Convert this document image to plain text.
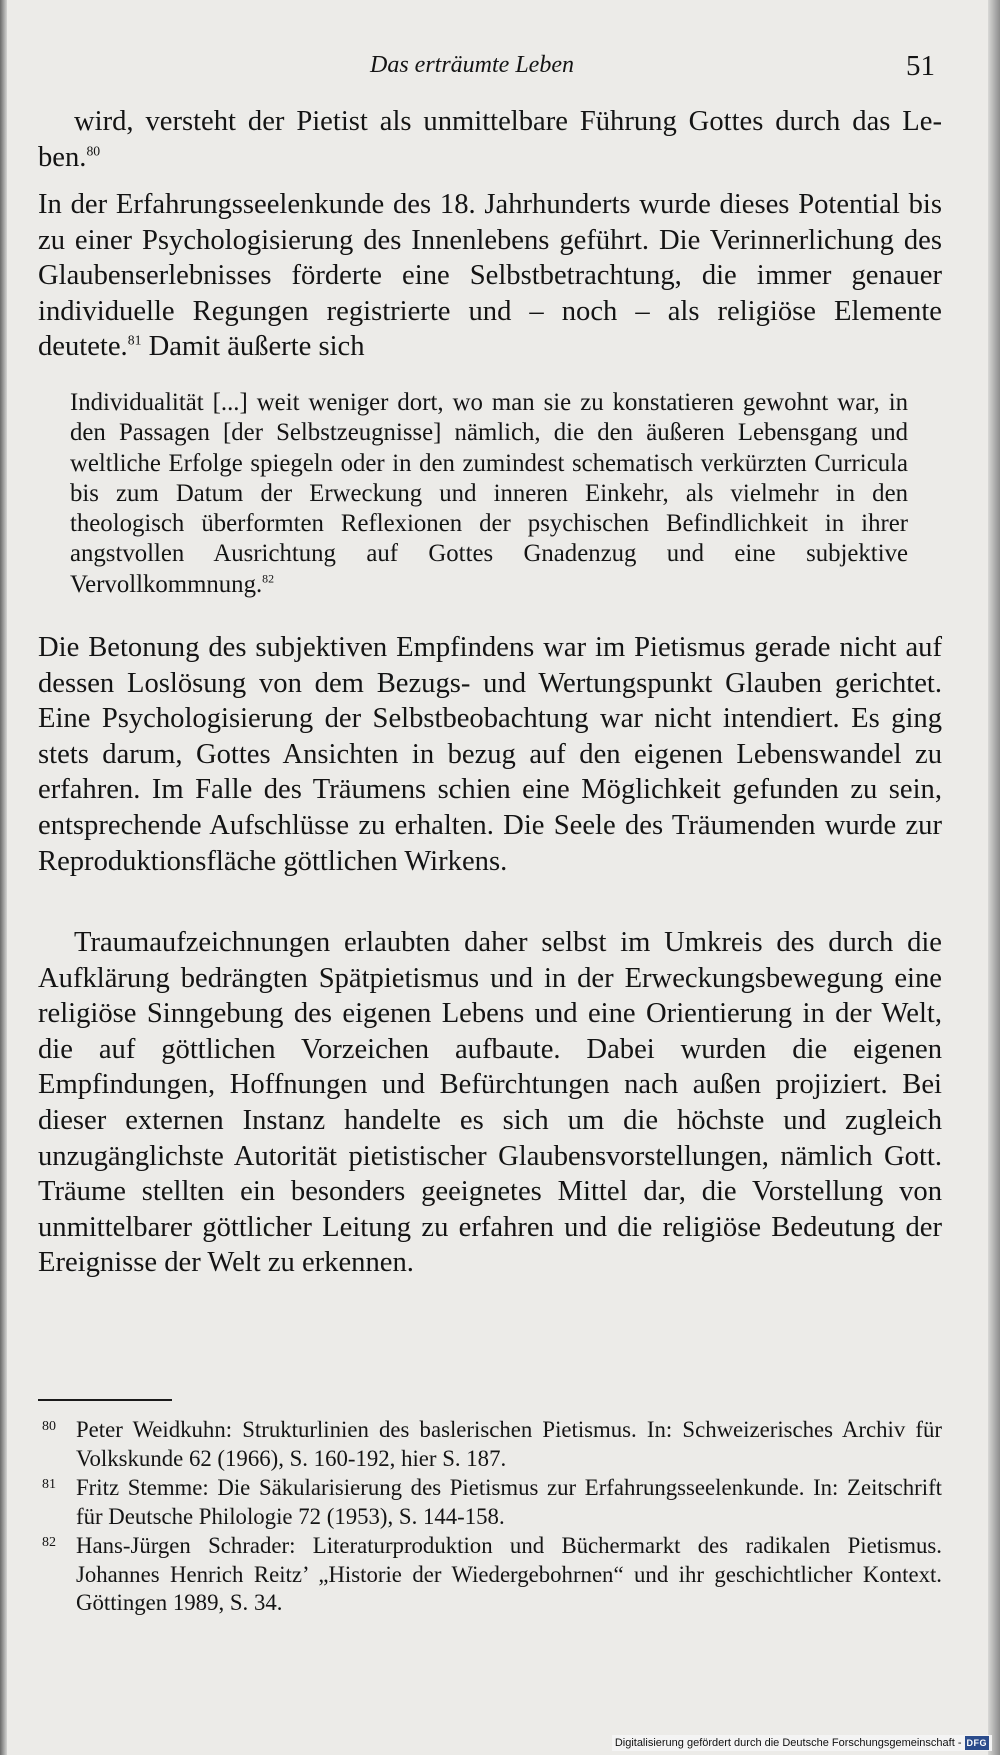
Das erträumte Leben	51

wird, versteht der Pietist als unmittelbare Führung Gottes durch das Leben.$^{80}$

In der Erfahrungsseelenkunde des 18. Jahrhunderts wurde dieses Potential bis zu einer Psychologisierung des Innenlebens geführt. Die Verinnerlichung des Glaubenserlebnisses förderte eine Selbstbetrachtung, die immer genauer individuelle Regungen registrierte und – noch – als religiöse Elemente deutete.$^{81}$ Damit äußerte sich

Individualität [...] weit weniger dort, wo man sie zu konstatieren gewohnt war, in den Passagen [der Selbstzeugnisse] nämlich, die den äußeren Lebensgang und weltliche Erfolge spiegeln oder in den zumindest schematisch verkürzten Curricula bis zum Datum der Erweckung und inneren Einkehr, als vielmehr in den theologisch überformten Reflexionen der psychischen Befindlichkeit in ihrer angstvollen Ausrichtung auf Gottes Gnadenzug und eine subjektive Vervollkommnung.$^{82}$

Die Betonung des subjektiven Empfindens war im Pietismus gerade nicht auf dessen Loslösung von dem Bezugs- und Wertungspunkt Glauben gerichtet. Eine Psychologisierung der Selbstbeobachtung war nicht intendiert. Es ging stets darum, Gottes Ansichten in bezug auf den eigenen Lebenswandel zu erfahren. Im Falle des Träumens schien eine Möglichkeit gefunden zu sein, entsprechende Aufschlüsse zu erhalten. Die Seele des Träumenden wurde zur Reproduktionsfläche göttlichen Wirkens.

Traumaufzeichnungen erlaubten daher selbst im Umkreis des durch die Aufklärung bedrängten Spätpietismus und in der Erweckungsbewegung eine religiöse Sinngebung des eigenen Lebens und eine Orientierung in der Welt, die auf göttlichen Vorzeichen aufbaute. Dabei wurden die eigenen Empfindungen, Hoffnungen und Befürchtungen nach außen projiziert. Bei dieser externen Instanz handelte es sich um die höchste und zugleich unzugänglichste Autorität pietistischer Glaubensvorstellungen, nämlich Gott. Träume stellten ein besonders geeignetes Mittel dar, die Vorstellung von unmittelbarer göttlicher Leitung zu erfahren und die religiöse Bedeutung der Ereignisse der Welt zu erkennen.

80 Peter Weidkuhn: Strukturlinien des baslerischen Pietismus. In: Schweizerisches Archiv für Volkskunde 62 (1966), S. 160-192, hier S. 187.
81 Fritz Stemme: Die Säkularisierung des Pietismus zur Erfahrungsseelenkunde. In: Zeitschrift für Deutsche Philologie 72 (1953), S. 144-158.
82 Hans-Jürgen Schrader: Literaturproduktion und Büchermarkt des radikalen Pietismus. Johannes Henrich Reitz’ „Historie der Wiedergebohrnen“ und ihr geschichtlicher Kontext. Göttingen 1989, S. 34.
Digitalisierung gefördert durch die Deutsche Forschungsgemeinschaft - DFG
